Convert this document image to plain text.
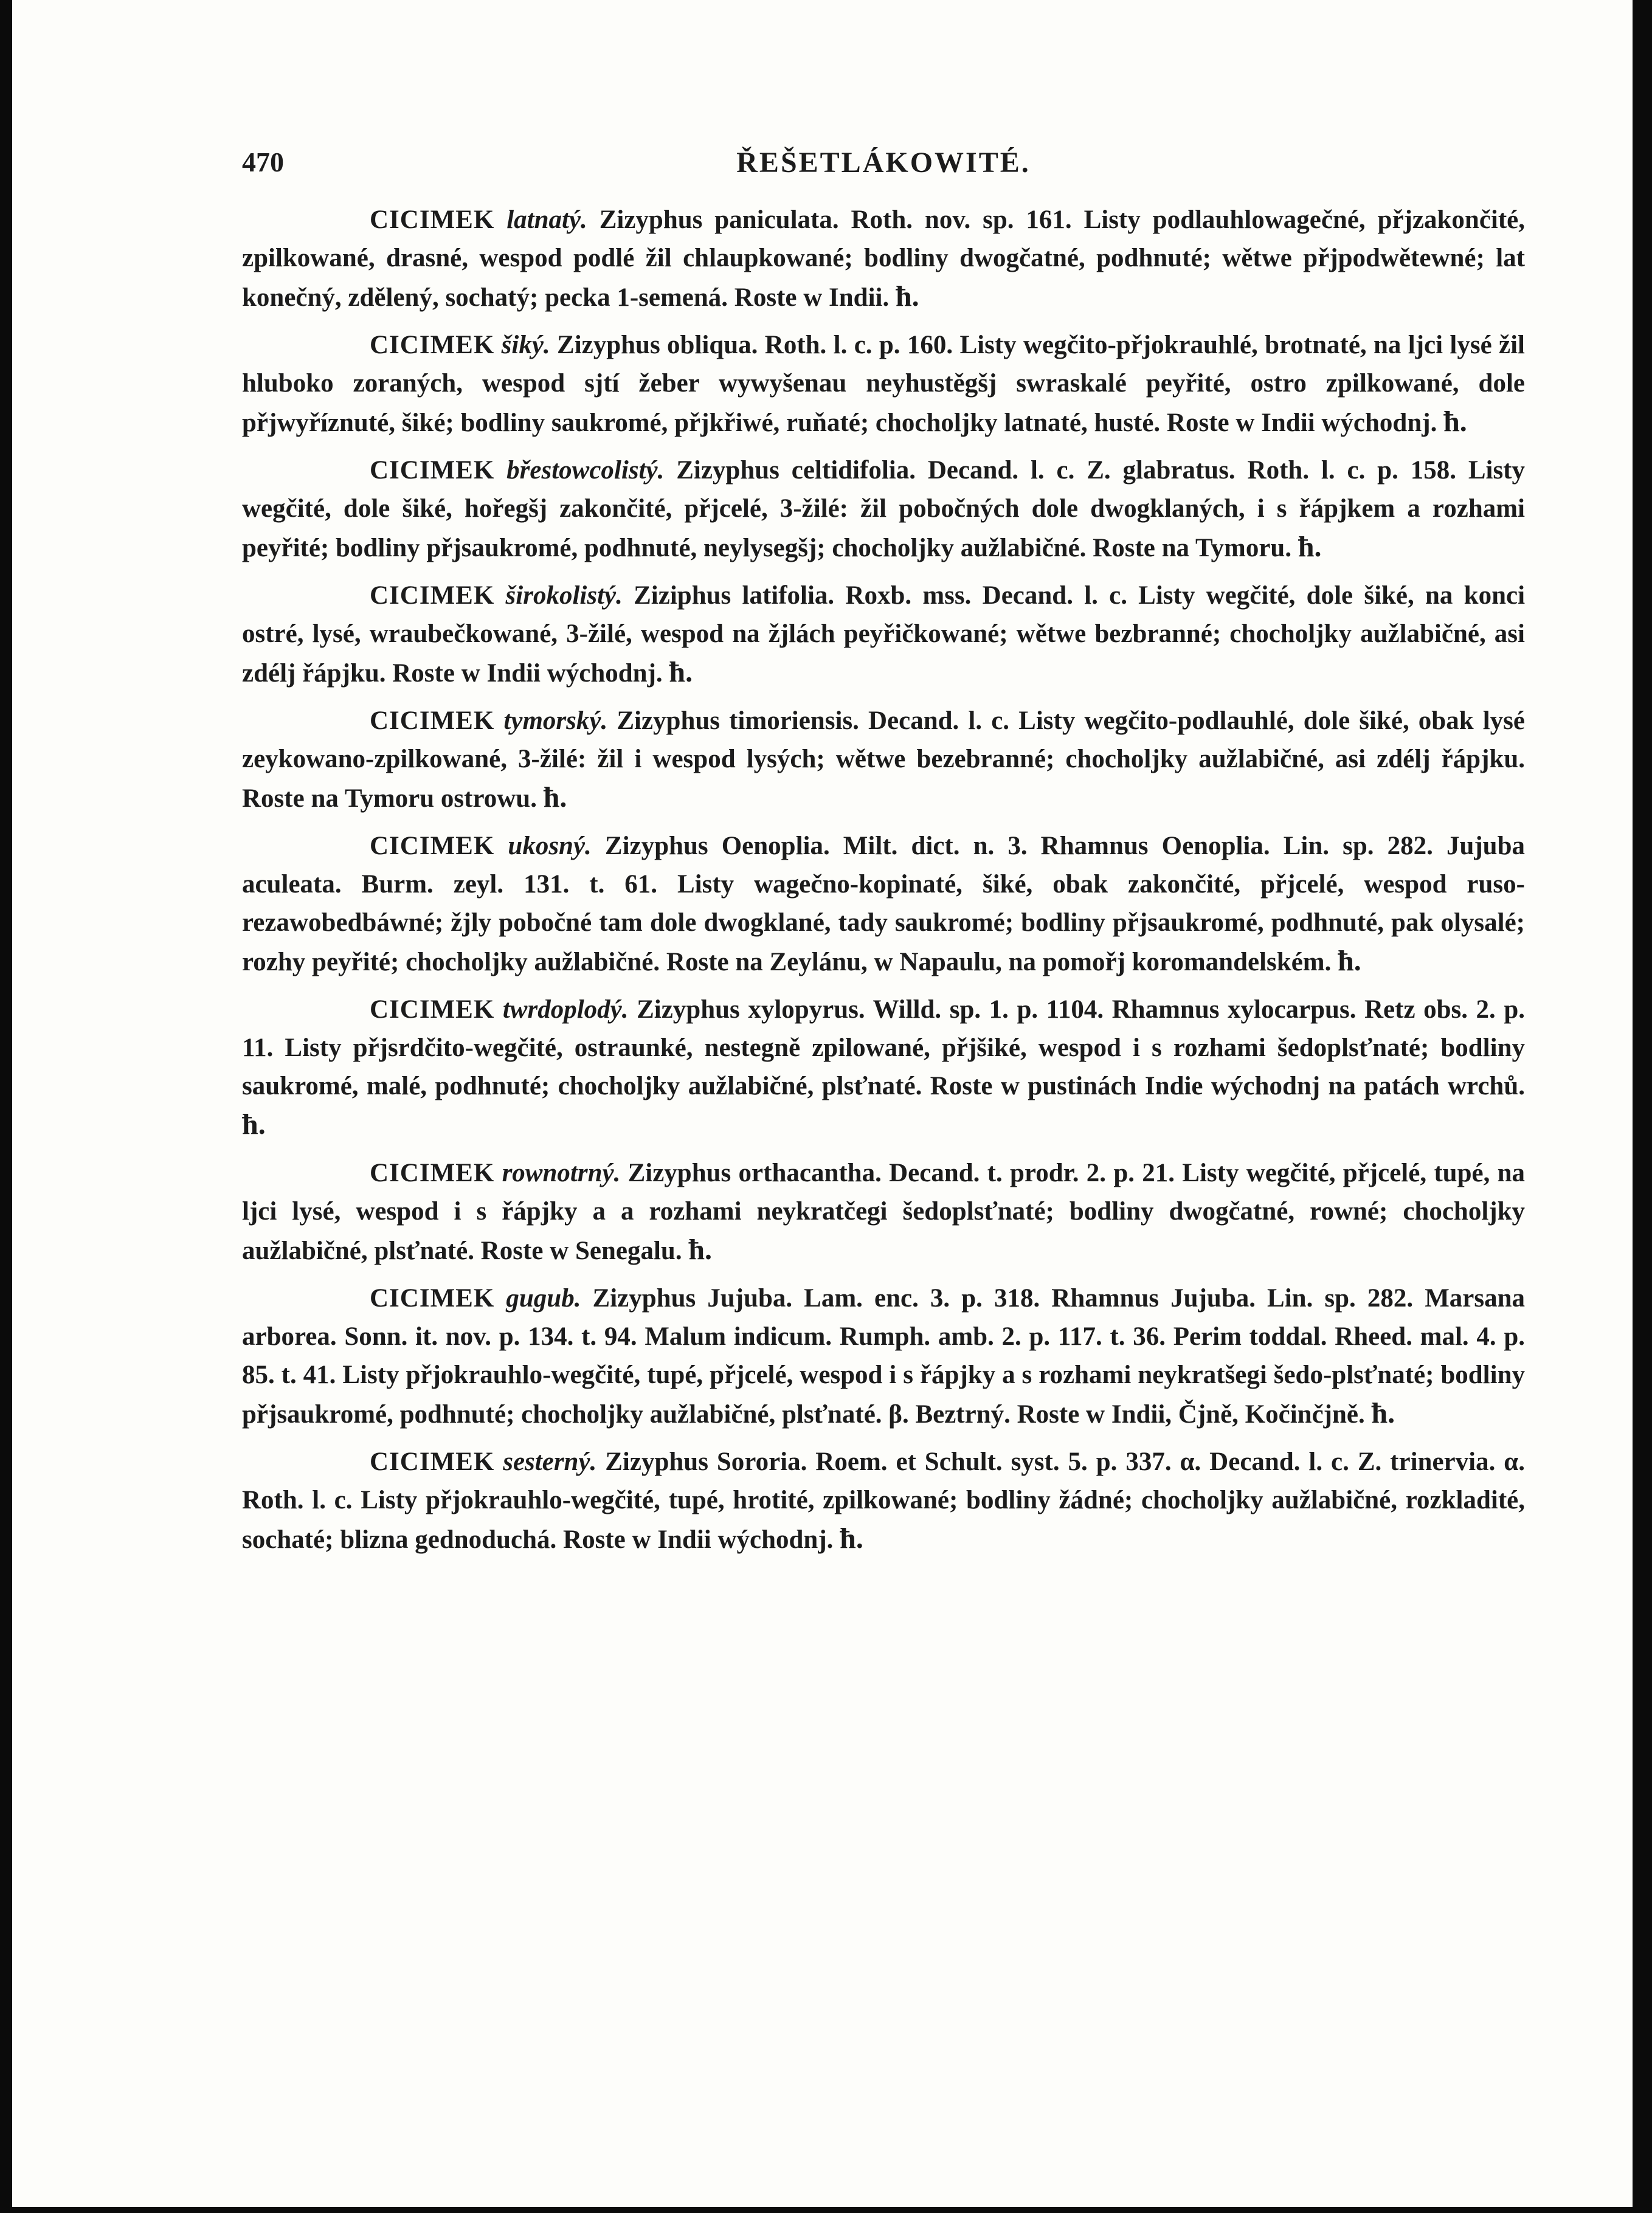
470	ŘEŠETLÁKOWITÉ.

CICIMEK latnatý. Zizyphus paniculata. Roth. nov. sp. 161. Listy podlauhlowagečné, přjzakončité, zpilkowané, drasné, wespod podlé žil chlaupkowané; bodliny dwogčatné, podhnuté; wětwe přjpodwětewné; lat konečný, zdělený, sochatý; pecka 1-semená. Roste w Indii. ħ.

CICIMEK šiký. Zizyphus obliqua. Roth. l. c. p. 160. Listy wegčito-přjokrauhlé, brotnaté, na ljci lysé žil hluboko zoraných, wespod sjtí žeber wywyšenau neyhustěgšj swraskalé peyřité, ostro zpilkowané, dole přjwyříznuté, šiké; bodliny saukromé, přjkřiwé, ruňaté; chocholjky latnaté, husté. Roste w Indii wýchodnj. ħ.

CICIMEK břestowcolistý. Zizyphus celtidifolia. Decand. l. c. Z. glabratus. Roth. l. c. p. 158. Listy wegčité, dole šiké, hořegšj zakončité, přjcelé, 3-žilé: žil pobočných dole dwogklaných, i s řápjkem a rozhami peyřité; bodliny přjsaukromé, podhnuté, neylysegšj; chocholjky aužlabičné. Roste na Tymoru. ħ.

CICIMEK širokolistý. Ziziphus latifolia. Roxb. mss. Decand. l. c. Listy wegčité, dole šiké, na konci ostré, lysé, wraubečkowané, 3-žilé, wespod na žjlách peyřičkowané; wětwe bezbranné; chocholjky aužlabičné, asi zdélj řápjku. Roste w Indii wýchodnj. ħ.

CICIMEK tymorský. Zizyphus timoriensis. Decand. l. c. Listy wegčito-podlauhlé, dole šiké, obak lysé zeykowano-zpilkowané, 3-žilé: žil i wespod lysých; wětwe bezebranné; chocholjky aužlabičné, asi zdélj řápjku. Roste na Tymoru ostrowu. ħ.

CICIMEK ukosný. Zizyphus Oenoplia. Milt. dict. n. 3. Rhamnus Oenoplia. Lin. sp. 282. Jujuba aculeata. Burm. zeyl. 131. t. 61. Listy wagečno-kopinaté, šiké, obak zakončité, přjcelé, wespod ruso-rezawobedbáwné; žjly pobočné tam dole dwogklané, tady saukromé; bodliny přjsaukromé, podhnuté, pak olysalé; rozhy peyřité; chocholjky aužlabičné. Roste na Zeylánu, w Napaulu, na pomořj koromandelském. ħ.

CICIMEK twrdoplodý. Zizyphus xylopyrus. Willd. sp. 1. p. 1104. Rhamnus xylocarpus. Retz obs. 2. p. 11. Listy přjsrdčito-wegčité, ostraunké, nestegně zpilowané, přjšiké, wespod i s rozhami šedoplsťnaté; bodliny saukromé, malé, podhnuté; chocholjky aužlabičné, plsťnaté. Roste w pustinách Indie wýchodnj na patách wrchů. ħ.

CICIMEK rownotrný. Zizyphus orthacantha. Decand. t. prodr. 2. p. 21. Listy wegčité, přjcelé, tupé, na ljci lysé, wespod i s řápjky a a rozhami neykratčegi šedoplsťnaté; bodliny dwogčatné, rowné; chocholjky aužlabičné, plsťnaté. Roste w Senegalu. ħ.

CICIMEK gugub. Zizyphus Jujuba. Lam. enc. 3. p. 318. Rhamnus Jujuba. Lin. sp. 282. Marsana arborea. Sonn. it. nov. p. 134. t. 94. Malum indicum. Rumph. amb. 2. p. 117. t. 36. Perim toddal. Rheed. mal. 4. p. 85. t. 41. Listy přjokrauhlo-wegčité, tupé, přjcelé, wespod i s řápjky a s rozhami neykratšegi šedo-plsťnaté; bodliny přjsaukromé, podhnuté; chocholjky aužlabičné, plsťnaté. β. Beztrný. Roste w Indii, Čjně, Kočinčjně. ħ.

CICIMEK sesterný. Zizyphus Sororia. Roem. et Schult. syst. 5. p. 337. α. Decand. l. c. Z. trinervia. α. Roth. l. c. Listy přjokrauhlo-wegčité, tupé, hrotité, zpilkowané; bodliny žádné; chocholjky aužlabičné, rozkladité, sochaté; blizna gednoduchá. Roste w Indii wýchodnj. ħ.
